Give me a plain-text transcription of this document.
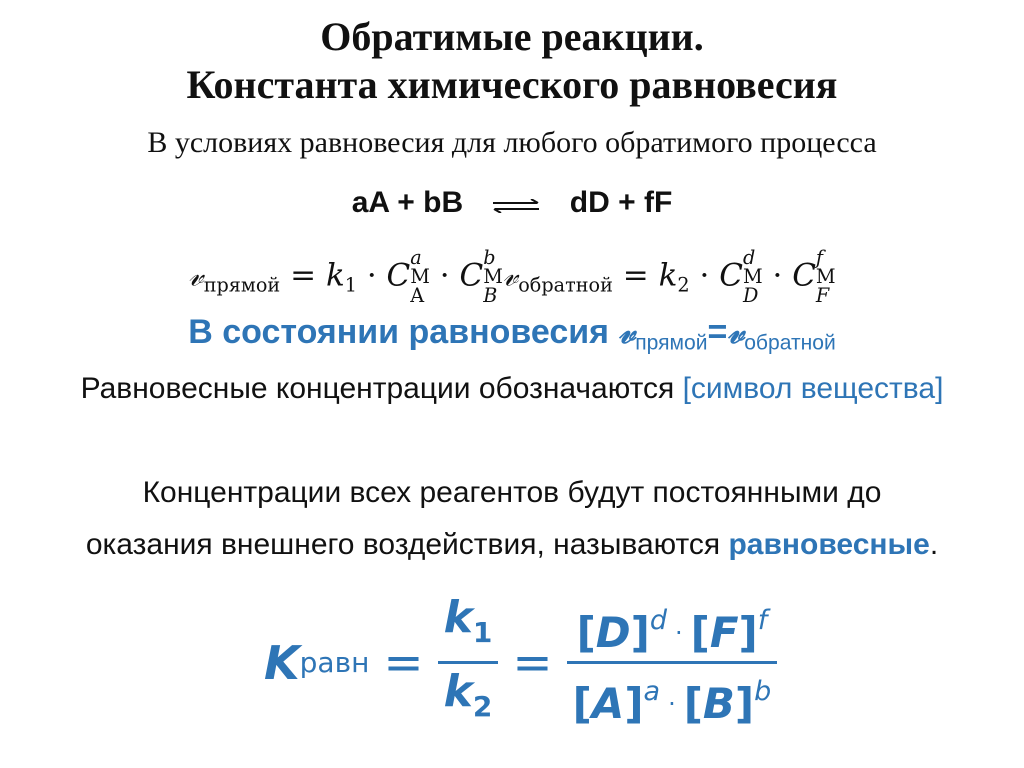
Обратимые реакции.
Константа химического равновесия
В условиях равновесия для любого обратимого процесса
aA + bB ⇌ dD + fF
𝓋$_{прямой}$ = $k_1 \cdot C$ a
М
A
· C b
М
B
𝓋$_{обратной}$ = $k_2 \cdot C$ d
М
D
· C f
М
F
В состоянии равновесия 𝓋$_{прямой}$=𝓋$_{обратной}$
Равновесные концентрации обозначаются [символ вещества]
Концентрации всех реагентов будут постоянными до
оказания внешнего воздействия, называются равновесные.
K равн = $\frac{k_1}{k_2} = \frac{[D]^d \cdot [F]^f}{[A]^a \cdot [B]^b}$
